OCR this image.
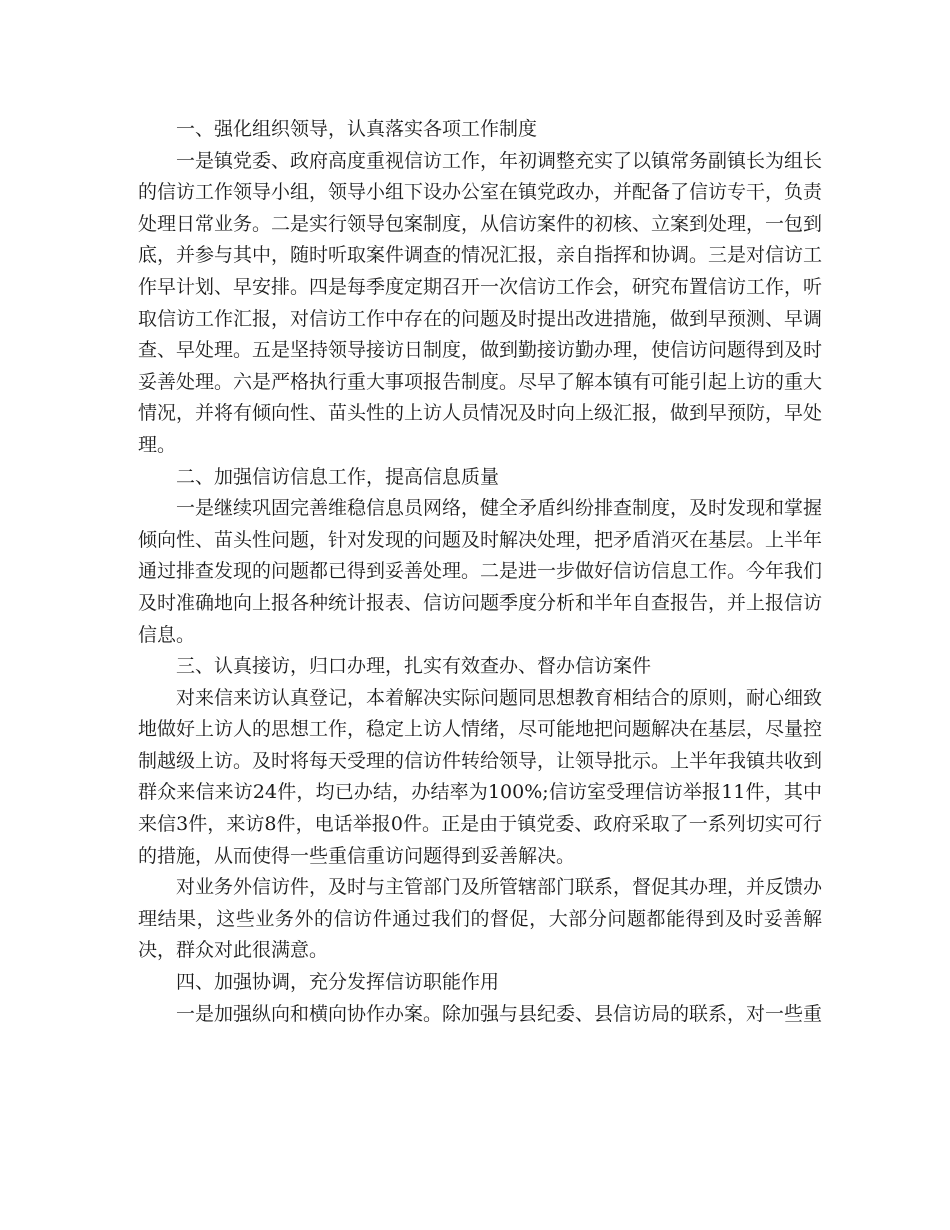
一、强化组织领导，认真落实各项工作制度

一是镇党委、政府高度重视信访工作，年初调整充实了以镇常务副镇长为组长的信访工作领导小组，领导小组下设办公室在镇党政办，并配备了信访专干，负责处理日常业务。二是实行领导包案制度，从信访案件的初核、立案到处理，一包到底，并参与其中，随时听取案件调查的情况汇报，亲自指挥和协调。三是对信访工作早计划、早安排。四是每季度定期召开一次信访工作会，研究布置信访工作，听取信访工作汇报，对信访工作中存在的问题及时提出改进措施，做到早预测、早调查、早处理。五是坚持领导接访日制度，做到勤接访勤办理，使信访问题得到及时妥善处理。六是严格执行重大事项报告制度。尽早了解本镇有可能引起上访的重大情况，并将有倾向性、苗头性的上访人员情况及时向上级汇报，做到早预防，早处理。

二、加强信访信息工作，提高信息质量

一是继续巩固完善维稳信息员网络，健全矛盾纠纷排查制度，及时发现和掌握倾向性、苗头性问题，针对发现的问题及时解决处理，把矛盾消灭在基层。上半年通过排查发现的问题都已得到妥善处理。二是进一步做好信访信息工作。今年我们及时准确地向上报各种统计报表、信访问题季度分析和半年自查报告，并上报信访信息。

三、认真接访，归口办理，扎实有效查办、督办信访案件

对来信来访认真登记，本着解决实际问题同思想教育相结合的原则，耐心细致地做好上访人的思想工作，稳定上访人情绪，尽可能地把问题解决在基层，尽量控制越级上访。及时将每天受理的信访件转给领导，让领导批示。上半年我镇共收到群众来信来访24件，均已办结，办结率为100%;信访室受理信访举报11件，其中来信3件，来访8件，电话举报0件。正是由于镇党委、政府采取了一系列切实可行的措施，从而使得一些重信重访问题得到妥善解决。

对业务外信访件，及时与主管部门及所管辖部门联系，督促其办理，并反馈办理结果，这些业务外的信访件通过我们的督促，大部分问题都能得到及时妥善解决，群众对此很满意。

四、加强协调，充分发挥信访职能作用

一是加强纵向和横向协作办案。除加强与县纪委、县信访局的联系，对一些重
